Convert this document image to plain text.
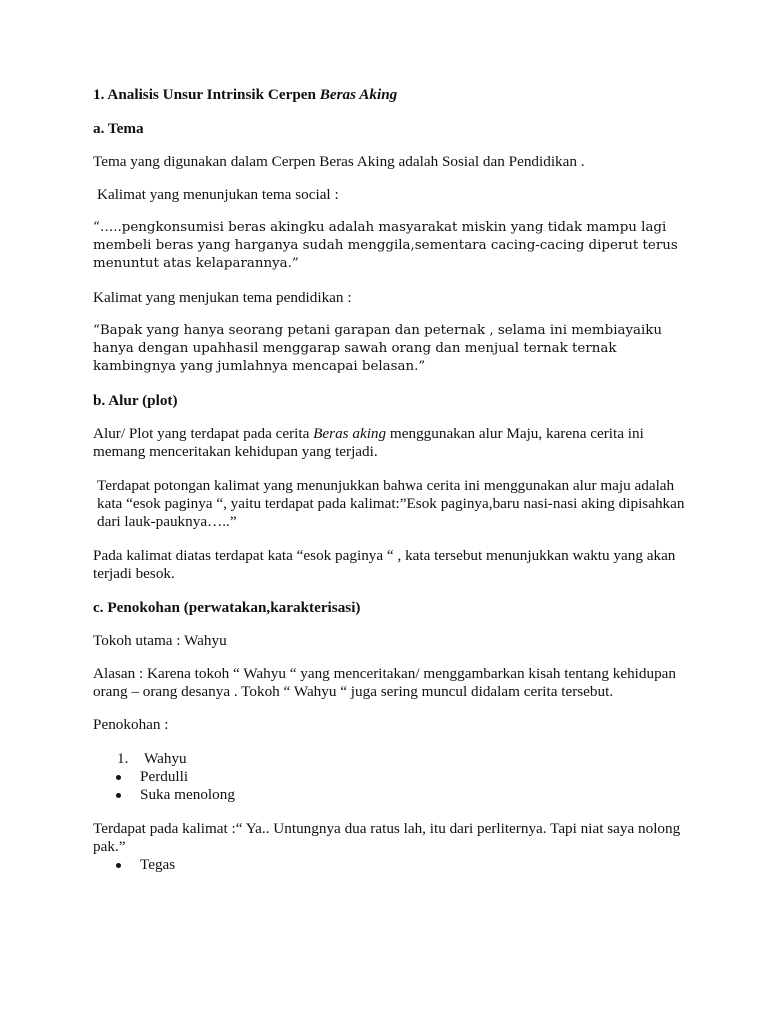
1. Analisis Unsur Intrinsik Cerpen Beras Aking

a. Tema

Tema yang digunakan dalam Cerpen Beras Aking adalah Sosial dan Pendidikan .

Kalimat yang menunjukan tema social :

“…..pengkonsumisi beras akingku adalah masyarakat miskin yang tidak mampu lagi membeli beras yang harganya sudah menggila,sementara cacing-cacing diperut terus menuntut atas kelaparannya.”

Kalimat yang menjukan tema pendidikan :

“Bapak yang hanya seorang petani garapan dan peternak , selama ini membiayaiku hanya dengan upahhasil menggarap sawah orang dan menjual ternak ternak kambingnya yang jumlahnya mencapai belasan.”

b. Alur (plot)

Alur/ Plot yang terdapat pada cerita Beras aking menggunakan alur Maju, karena cerita ini memang menceritakan kehidupan yang terjadi.

Terdapat potongan kalimat yang menunjukkan bahwa cerita ini menggunakan alur maju adalah kata “esok paginya “, yaitu terdapat pada kalimat:”Esok paginya,baru nasi-nasi aking dipisahkan dari lauk-pauknya…..”

Pada kalimat diatas terdapat kata “esok paginya “ , kata tersebut menunjukkan waktu yang akan terjadi besok.

c. Penokohan (perwatakan,karakterisasi)

Tokoh utama : Wahyu

Alasan : Karena tokoh “ Wahyu “ yang menceritakan/ menggambarkan kisah tentang kehidupan orang – orang desanya . Tokoh “ Wahyu “ juga sering muncul didalam cerita tersebut.

Penokohan :

1. Wahyu

Perdulli
Suka menolong

Terdapat pada kalimat :“ Ya.. Untungnya dua ratus lah, itu dari perliternya. Tapi niat saya nolong pak.”

Tegas
